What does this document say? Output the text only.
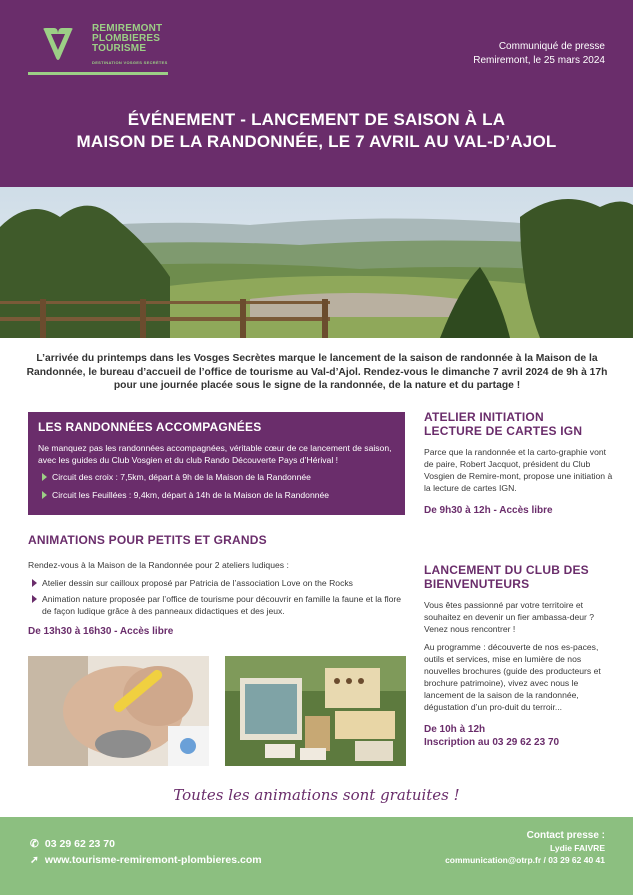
REMIREMONT
PLOMBIERES
TOURISME
DESTINATION VOSGES SECRÈTES
Communiqué de presse
Remiremont, le 25 mars 2024
ÉVÉNEMENT - LANCEMENT DE SAISON À LA
MAISON DE LA RANDONNÉE, LE 7 AVRIL AU VAL-D’AJOL
L’arrivée du printemps dans les Vosges Secrètes marque le lancement de la saison de randonnée à la Maison de la Randonnée, le bureau d’accueil de l’office de tourisme au Val-d’Ajol. Rendez-vous le dimanche 7 avril 2024 de 9h à 17h pour une journée placée sous le signe de la randonnée, de la nature et du partage !
LES RANDONNÉES ACCOMPAGNÉES

Ne manquez pas les randonnées accompagnées, véritable cœur de ce lancement de saison, avec les guides du Club Vosgien et du club Rando Découverte Pays d’Hérival !

Circuit des croix : 7,5km, départ à 9h de la Maison de la Randonnée
Circuit les Feuillées : 9,4km, départ à 14h de la Maison de la Randonnée
ANIMATIONS POUR PETITS ET GRANDS
Rendez-vous à la Maison de la Randonnée pour 2 ateliers ludiques :
Atelier dessin sur cailloux proposé par Patricia de l’association Love on the Rocks
Animation nature proposée par l’office de tourisme pour découvrir en famille la faune et la flore de façon ludique grâce à des panneaux didactiques et des jeux.
De 13h30 à 16h30 - Accès libre
ATELIER INITIATION
LECTURE DE CARTES IGN
Parce que la randonnée et la carto-graphie vont de paire, Robert Jacquot, président du Club Vosgien de Remire-mont, propose une initiation à la lecture de cartes IGN.
De 9h30 à 12h - Accès libre
LANCEMENT DU CLUB DES
BIENVENUTEURS
Vous êtes passionné par votre territoire et souhaitez en devenir un fier ambassa-deur ? Venez nous rencontrer !
Au programme : découverte de nos es-paces, outils et services, mise en lumière de nos nouvelles brochures (guide des producteurs et brochure patrimoine), vivez avec nous le lancement de la saison de la randonnée, dégustation d’un pro-duit du terroir...
De 10h à 12h
Inscription au 03 29 62 23 70
Toutes les animations sont gratuites !
✆ 03 29 62 23 70
➚ www.tourisme-remiremont-plombieres.com
Contact presse :
Lydie FAIVRE
communication@otrp.fr / 03 29 62 40 41
